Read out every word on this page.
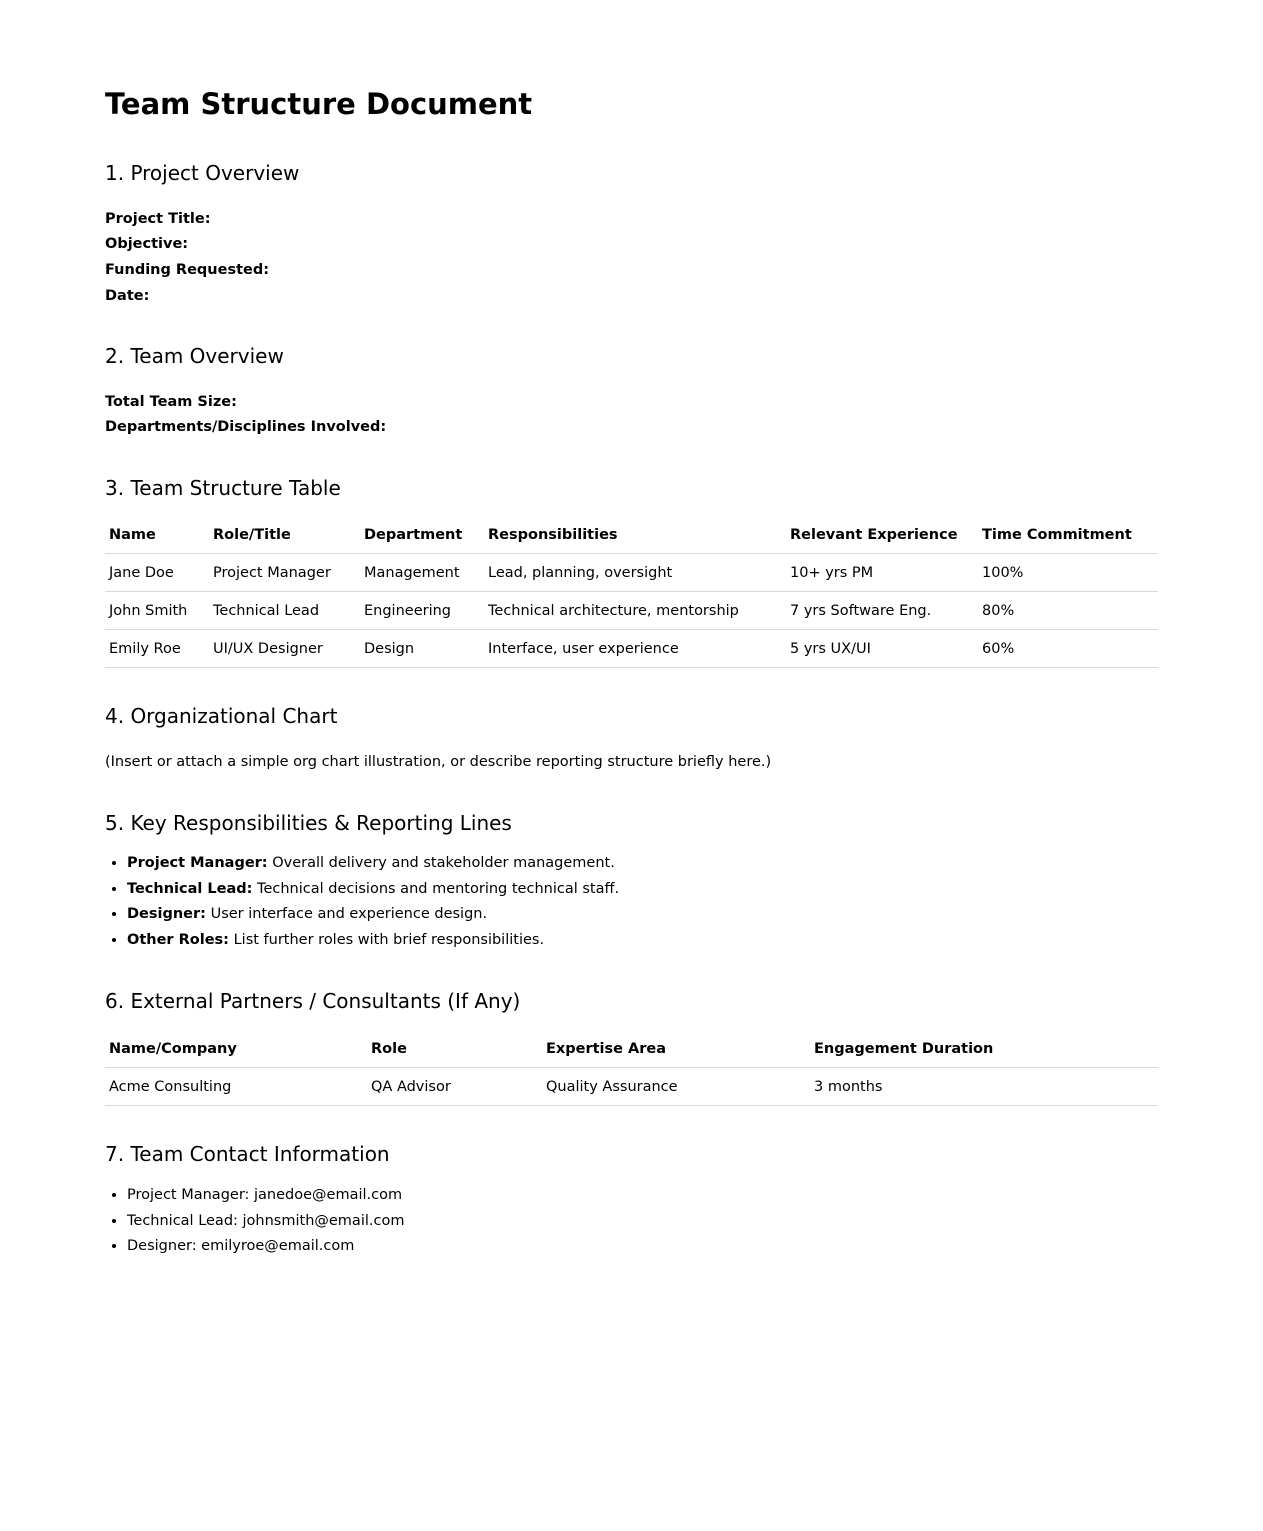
Team Structure Document
1. Project Overview
Project Title:
Objective:
Funding Requested:
Date:
2. Team Overview
Total Team Size:
Departments/Disciplines Involved:
3. Team Structure Table
Name	Role/Title	Department	Responsibilities	Relevant Experience	Time Commitment
Jane Doe	Project Manager	Management	Lead, planning, oversight	10+ yrs PM	100%
John Smith	Technical Lead	Engineering	Technical architecture, mentorship	7 yrs Software Eng.	80%
Emily Roe	UI/UX Designer	Design	Interface, user experience	5 yrs UX/UI	60%
4. Organizational Chart
(Insert or attach a simple org chart illustration, or describe reporting structure briefly here.)
5. Key Responsibilities & Reporting Lines
• Project Manager: Overall delivery and stakeholder management.
• Technical Lead: Technical decisions and mentoring technical staff.
• Designer: User interface and experience design.
• Other Roles: List further roles with brief responsibilities.
6. External Partners / Consultants (If Any)
Name/Company	Role	Expertise Area	Engagement Duration
Acme Consulting	QA Advisor	Quality Assurance	3 months
7. Team Contact Information
• Project Manager: janedoe@email.com
• Technical Lead: johnsmith@email.com
• Designer: emilyroe@email.com
